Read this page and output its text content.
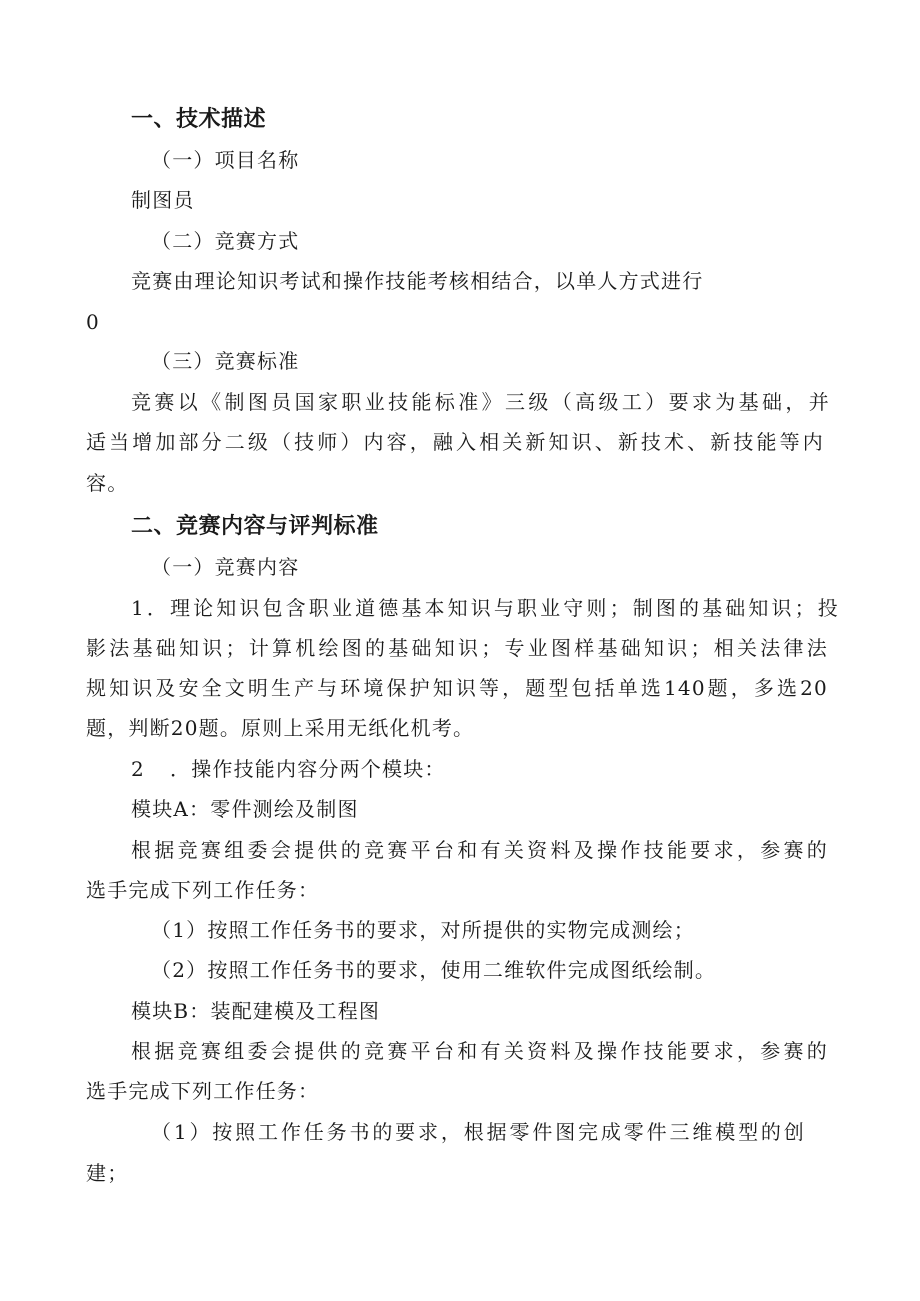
一、技术描述
（一）项目名称
制图员
（二）竞赛方式
竞赛由理论知识考试和操作技能考核相结合，以单人方式进行
0
（三）竞赛标准
竞赛以《制图员国家职业技能标准》三级（高级工）要求为基础，并
适当增加部分二级（技师）内容，融入相关新知识、新技术、新技能等内
容。
二、竞赛内容与评判标准
（一）竞赛内容
1．理论知识包含职业道德基本知识与职业守则；制图的基础知识；投
影法基础知识；计算机绘图的基础知识；专业图样基础知识；相关法律法
规知识及安全文明生产与环境保护知识等，题型包括单选140题，多选20
题，判断20题。原则上采用无纸化机考。
2 ．操作技能内容分两个模块：
模块A：零件测绘及制图
根据竞赛组委会提供的竞赛平台和有关资料及操作技能要求，参赛的
选手完成下列工作任务：
（1）按照工作任务书的要求，对所提供的实物完成测绘；
（2）按照工作任务书的要求，使用二维软件完成图纸绘制。
模块B：装配建模及工程图
根据竞赛组委会提供的竞赛平台和有关资料及操作技能要求，参赛的
选手完成下列工作任务：
（1）按照工作任务书的要求，根据零件图完成零件三维模型的创
建；
